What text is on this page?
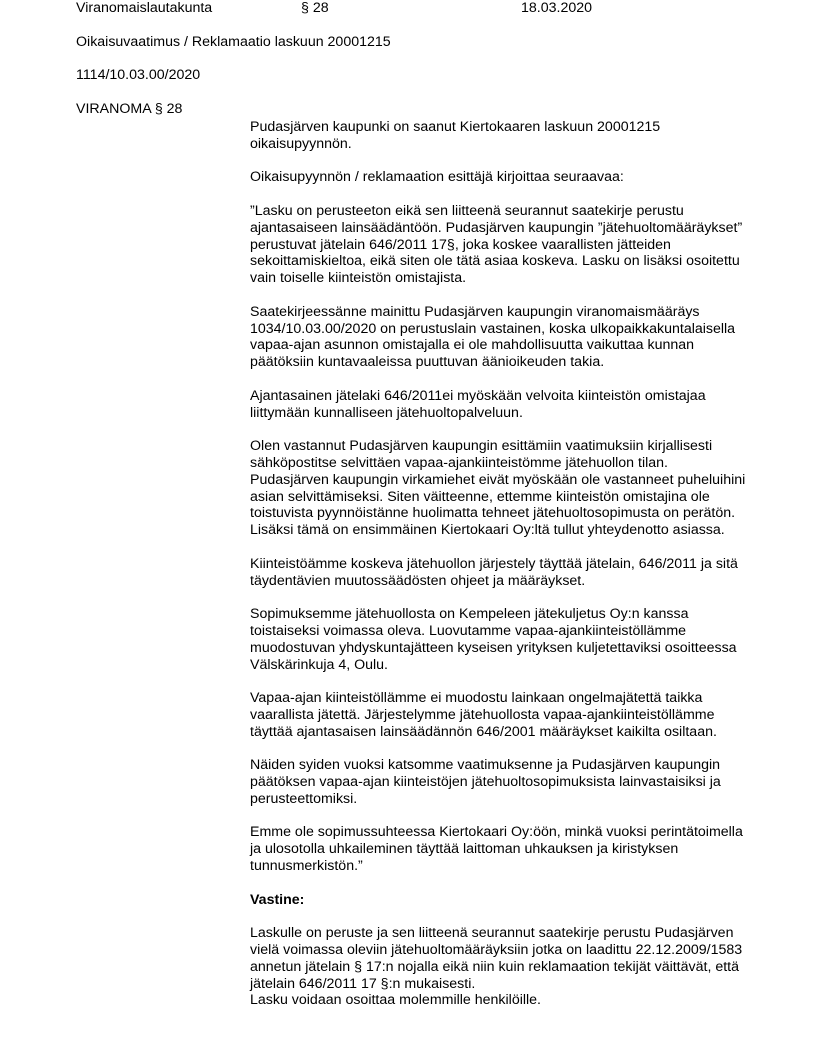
Viranomaislautakunta	§ 28	18.03.2020
Oikaisuvaatimus / Reklamaatio laskuun 20001215
1114/10.03.00/2020
VIRANOMA § 28

Pudasjärven kaupunki on saanut Kiertokaaren laskuun 20001215 oikaisupyynnön.

Oikaisupyynnön / reklamaation esittäjä kirjoittaa seuraavaa:

”Lasku on perusteeton eikä sen liitteenä seurannut saatekirje perustu ajantasaiseen lainsäädäntöön. Pudasjärven kaupungin ”jätehuoltomääräykset” perustuvat jätelain 646/2011 17§, joka koskee vaarallisten jätteiden sekoittamiskieltoa, eikä siten ole tätä asiaa koskeva. Lasku on lisäksi osoitettu vain toiselle kiinteistön omistajista.

Saatekirjeessänne mainittu Pudasjärven kaupungin viranomaismääräys 1034/10.03.00/2020 on perustuslain vastainen, koska ulkopaikkakuntalaisella vapaa-ajan asunnon omistajalla ei ole mahdollisuutta vaikuttaa kunnan päätöksiin kuntavaaleissa puuttuvan äänioikeuden takia.

Ajantasainen jätelaki 646/2011ei myöskään velvoita kiinteistön omistajaa liittymään kunnalliseen jätehuoltopalveluun.

Olen vastannut Pudasjärven kaupungin esittämiin vaatimuksiin kirjallisesti sähköpostitse selvittäen vapaa-ajankiinteistömme jätehuollon tilan. Pudasjärven kaupungin virkamiehet eivät myöskään ole vastanneet puheluihini asian selvittämiseksi. Siten väitteenne, ettemme kiinteistön omistajina ole toistuvista pyynnöistänne huolimatta tehneet jätehuoltosopimusta on perätön. Lisäksi tämä on ensimmäinen Kiertokaari Oy:ltä tullut yhteydenotto asiassa.

Kiinteistöämme koskeva jätehuollon järjestely täyttää jätelain, 646/2011 ja sitä täydentävien muutossäädösten ohjeet ja määräykset.

Sopimuksemme jätehuollosta on Kempeleen jätekuljetus Oy:n kanssa toistaiseksi voimassa oleva. Luovutamme vapaa-ajankiinteistöllämme muodostuvan yhdyskuntajätteen kyseisen yrityksen kuljetettaviksi osoitteessa Välskärinkuja 4, Oulu.

Vapaa-ajan kiinteistöllämme ei muodostu lainkaan ongelmajätettä taikka vaarallista jätettä. Järjestelymme jätehuollosta vapaa-ajankiinteistöllämme täyttää ajantasaisen lainsäädännön 646/2001 määräykset kaikilta osiltaan.

Näiden syiden vuoksi katsomme vaatimuksenne ja Pudasjärven kaupungin päätöksen vapaa-ajan kiinteistöjen jätehuoltosopimuksista lainvastaisiksi ja perusteettomiksi.

Emme ole sopimussuhteessa Kiertokaari Oy:öön, minkä vuoksi perintätoimella ja ulosotolla uhkaileminen täyttää laittoman uhkauksen ja kiristyksen tunnusmerkistön.”

Vastine:

Laskulle on peruste ja sen liitteenä seurannut saatekirje perustu Pudasjärven vielä voimassa oleviin jätehuoltomääräyksiin jotka on laadittu 22.12.2009/1583 annetun jätelain § 17:n nojalla eikä niin kuin reklamaation tekijät väittävät, että jätelain 646/2011 17 §:n mukaisesti.
Lasku voidaan osoittaa molemmille henkilöille.
